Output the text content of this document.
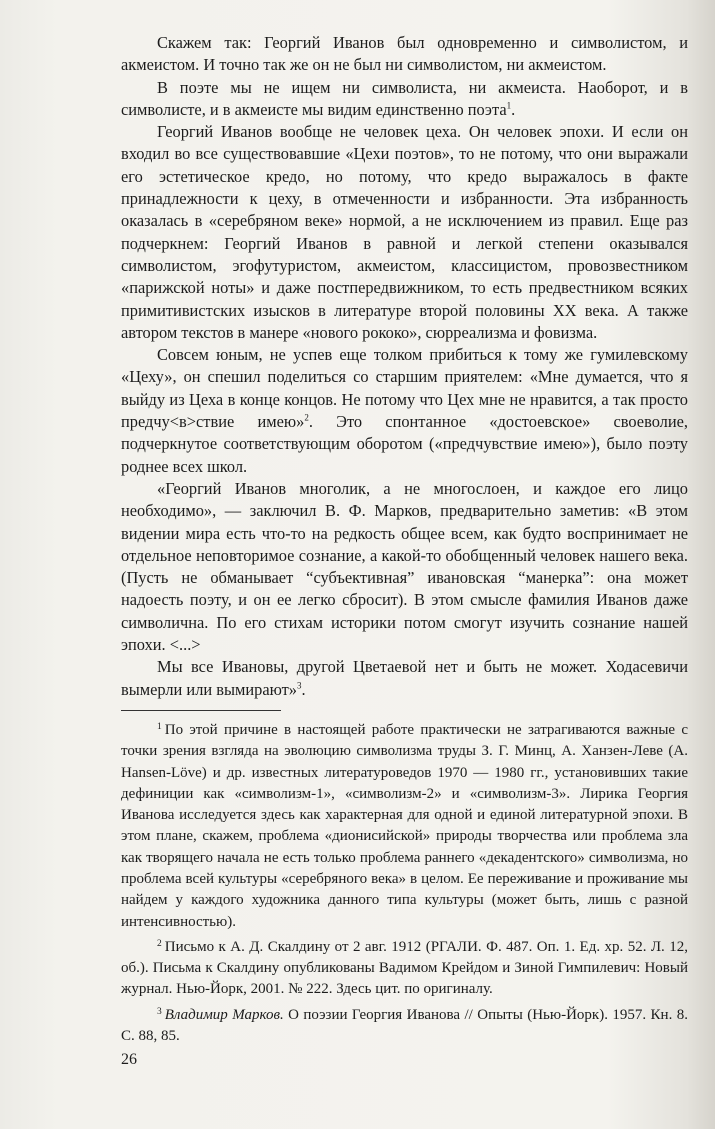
Скажем так: Георгий Иванов был одновременно и символистом, и акмеистом. И точно так же он не был ни символистом, ни акмеистом.

В поэте мы не ищем ни символиста, ни акмеиста. Наоборот, и в символисте, и в акмеисте мы видим единственно поэта$^1$.

Георгий Иванов вообще не человек цеха. Он человек эпохи. И если он входил во все существовавшие «Цехи поэтов», то не потому, что они выражали его эстетическое кредо, но потому, что кредо выражалось в факте принадлежности к цеху, в отмеченности и избранности. Эта избранность оказалась в «серебряном веке» нормой, а не исключением из правил. Еще раз подчеркнем: Георгий Иванов в равной и легкой степени оказывался символистом, эгофутуристом, акмеистом, классицистом, провозвестником «парижской ноты» и даже постпередвижником, то есть предвестником всяких примитивистских изысков в литературе второй половины XX века. А также автором текстов в манере «нового рококо», сюрреализма и фовизма.

Совсем юным, не успев еще толком прибиться к тому же гумилевскому «Цеху», он спешил поделиться со старшим приятелем: «Мне думается, что я выйду из Цеха в конце концов. Не потому что Цех мне не нравится, а так просто предчу<в>ствие имею»$^2$. Это спонтанное «достоевское» своеволие, подчеркнутое соответствующим оборотом («предчувствие имею»), было поэту роднее всех школ.

«Георгий Иванов многолик, а не многослоен, и каждое его лицо необходимо», — заключил В. Ф. Марков, предварительно заметив: «В этом видении мира есть что-то на редкость общее всем, как будто воспринимает не отдельное неповторимое сознание, а какой-то обобщенный человек нашего века. (Пусть не обманывает “субъективная” ивановская “манерка”: она может надоесть поэту, и он ее легко сбросит). В этом смысле фамилия Иванов даже символична. По его стихам историки потом смогут изучить сознание нашей эпохи. <...>

Мы все Ивановы, другой Цветаевой нет и быть не может. Ходасевичи вымерли или вымирают»$^3$.

$^1$ По этой причине в настоящей работе практически не затрагиваются важные с точки зрения взгляда на эволюцию символизма труды З. Г. Минц, А. Ханзен-Леве (A. Hansen-Löve) и др. известных литературоведов 1970 — 1980 гг., установивших такие дефиниции как «символизм-1», «символизм-2» и «символизм-3». Лирика Георгия Иванова исследуется здесь как характерная для одной и единой литературной эпохи. В этом плане, скажем, проблема «дионисийской» природы творчества или проблема зла как творящего начала не есть только проблема раннего «декадентского» символизма, но проблема всей культуры «серебряного века» в целом. Ее переживание и проживание мы найдем у каждого художника данного типа культуры (может быть, лишь с разной интенсивностью).

$^2$ Письмо к А. Д. Скалдину от 2 авг. 1912 (РГАЛИ. Ф. 487. Оп. 1. Ед. хр. 52. Л. 12, об.). Письма к Скалдину опубликованы Вадимом Крейдом и Зиной Гимпилевич: Новый журнал. Нью-Йорк, 2001. № 222. Здесь цит. по оригиналу.

$^3$ Владимир Марков. О поэзии Георгия Иванова // Опыты (Нью-Йорк). 1957. Кн. 8. С. 88, 85.

26
